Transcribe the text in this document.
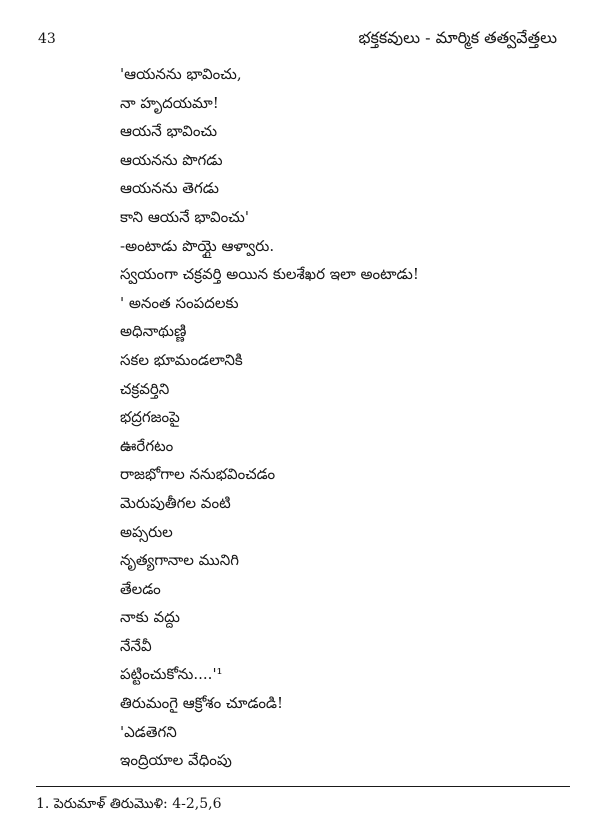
43	భక్తకవులు - మార్మిక తత్వవేత్తలు
'ఆయనను భావించు,
నా హృదయమా!
ఆయనే భావించు
ఆయనను పొగడు
ఆయనను తెగడు
కాని ఆయనే భావించు'
-అంటాడు పొయ్గై ఆళ్వారు.
స్వయంగా చక్రవర్తి అయిన కులశేఖర ఇలా అంటాడు!
' అనంత సంపదలకు
అధినాథుణ్ణి
సకల భూమండలానికి
చక్రవర్తిని
భద్రగజంపై
ఊరేగటం
రాజభోగాల ననుభవించడం
మెరుపుతీగల వంటి
అప్సరుల
నృత్యగానాల మునిగి
తేలడం
నాకు వద్దు
నేనేవీ
పట్టించుకోను....'¹
తిరుమంగై ఆక్రోశం చూడండి!
'ఎడతెగని
ఇంద్రియాల వేధింపు
1. పెరుమాళ్ తిరుమొళి: 4-2,5,6
